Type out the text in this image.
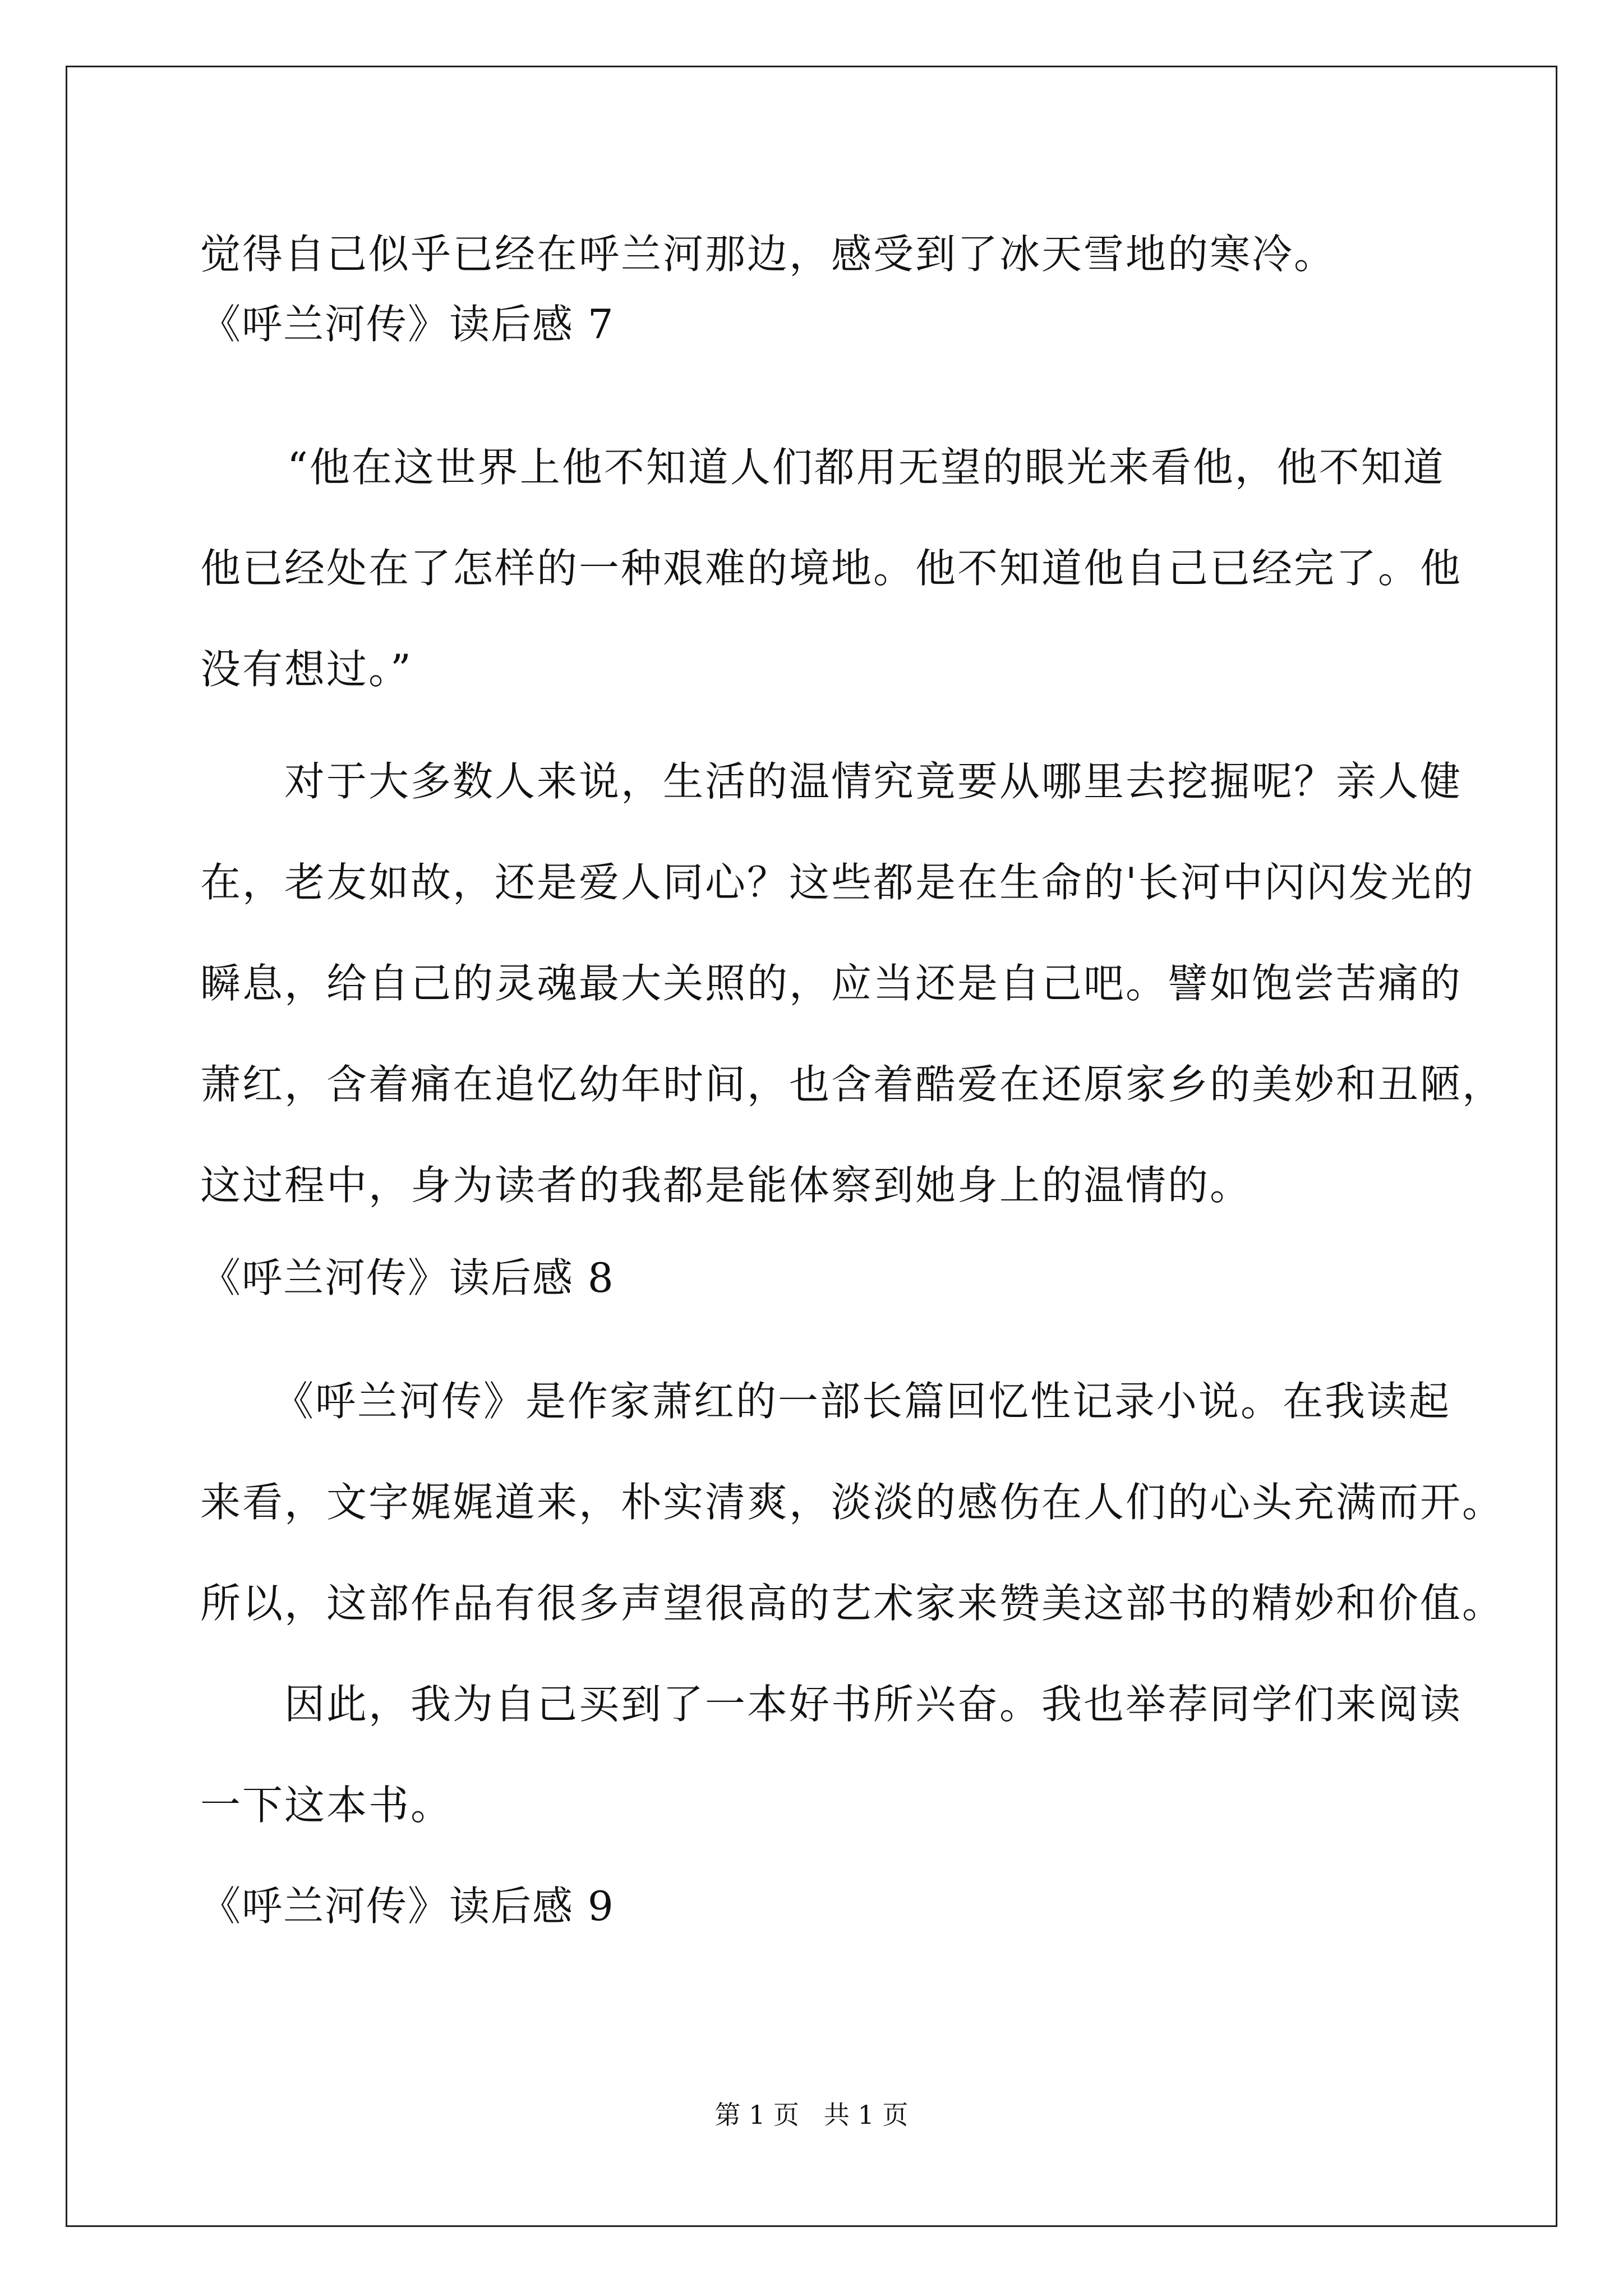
觉得自己似乎已经在呼兰河那边，感受到了冰天雪地的寒冷。
《呼兰河传》读后感 7
“他在这世界上他不知道人们都用无望的眼光来看他，他不知道
他已经处在了怎样的一种艰难的境地。他不知道他自己已经完了。他
没有想过。”
对于大多数人来说，生活的温情究竟要从哪里去挖掘呢？亲人健
在，老友如故，还是爱人同心？这些都是在生命的'长河中闪闪发光的
瞬息，给自己的灵魂最大关照的，应当还是自己吧。譬如饱尝苦痛的
萧红，含着痛在追忆幼年时间，也含着酷爱在还原家乡的美妙和丑陋，
这过程中，身为读者的我都是能体察到她身上的温情的。
《呼兰河传》读后感 8
《呼兰河传》是作家萧红的一部长篇回忆性记录小说。在我读起
来看，文字娓娓道来，朴实清爽，淡淡的感伤在人们的心头充满而开。
所以，这部作品有很多声望很高的艺术家来赞美这部书的精妙和价值。
因此，我为自己买到了一本好书所兴奋。我也举荐同学们来阅读
一下这本书。
《呼兰河传》读后感 9
第 1 页   共 1 页
